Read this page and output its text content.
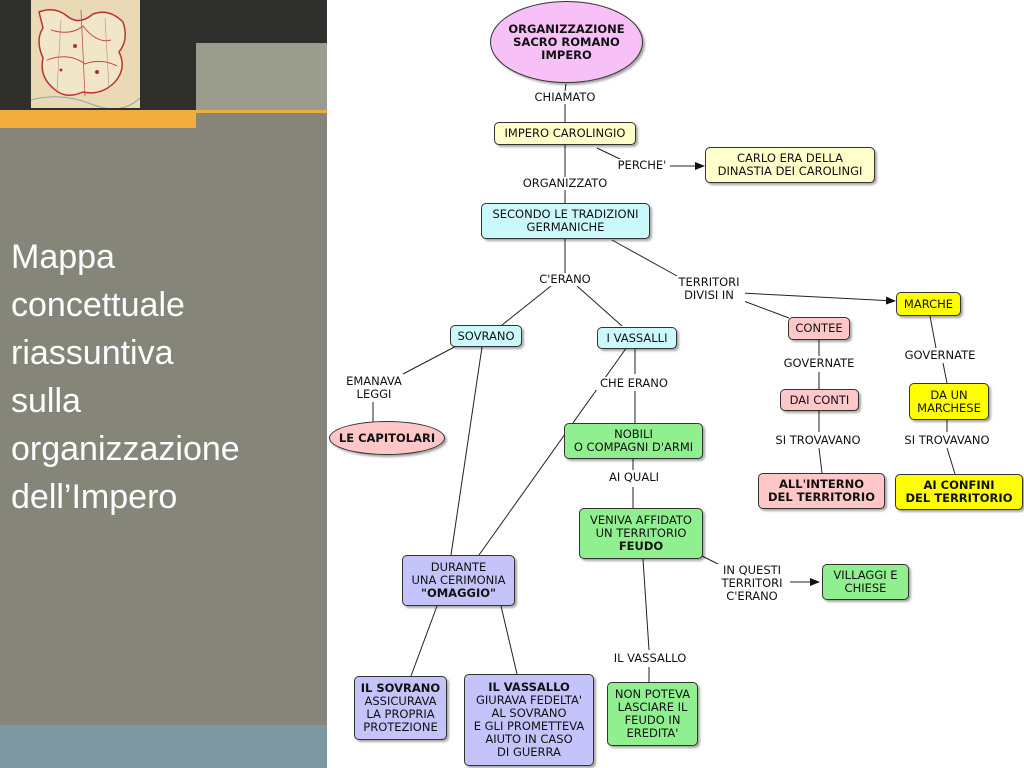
Mappa
concettuale
riassuntiva
sulla
organizzazione
dell’Impero
ORGANIZZAZIONE
SACRO ROMANO
IMPERO
IMPERO CAROLINGIO
CARLO ERA DELLA
DINASTIA DEI CAROLINGI
SECONDO LE TRADIZIONI
GERMANICHE
SOVRANO	I VASSALLI
CONTEE
MARCHE
LE CAPITOLARI	NOBILI
O COMPAGNI D'ARMI
DAI CONTI	DA UN
MARCHESE
ALL'INTERNO
DEL TERRITORIO
AI CONFINI
DEL TERRITORIO
VENIVA AFFIDATO
UN TERRITORIO
FEUDO
DURANTE
UNA CERIMONIA
"OMAGGIO"
VILLAGGI E
CHIESE
IL SOVRANO
ASSICURAVA
LA PROPRIA
PROTEZIONE
IL VASSALLO
GIURAVA FEDELTA'
AL SOVRANO
E GLI PROMETTEVA
AIUTO IN CASO
DI GUERRA
NON POTEVA
LASCIARE IL
FEUDO IN
EREDITA'
CHIAMATO
PERCHE'
ORGANIZZATO
C'ERANO	TERRITORI
DIVISI IN
EMANAVA
LEGGI
CHE ERANO
GOVERNATE
GOVERNATE
SI TROVAVANO	SI TROVAVANO
AI QUALI
IN QUESTI
TERRITORI
C'ERANO
IL VASSALLO
